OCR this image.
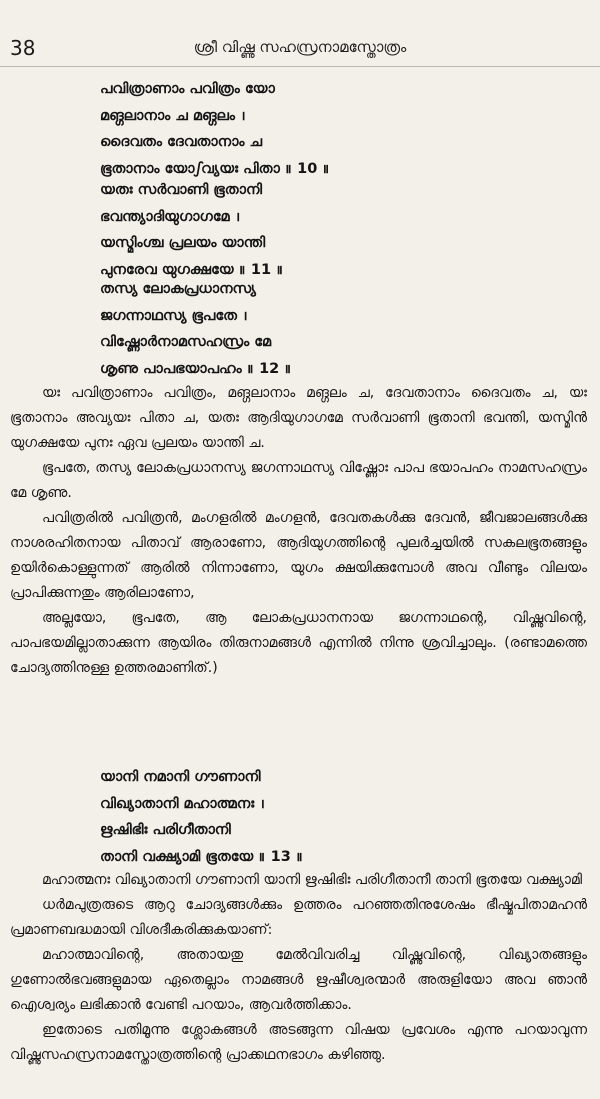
38	ശ്രീ വിഷ്ണു സഹസ്രനാമസ്തോത്രം
പവിത്രാണാം പവിത്രം യോ
മങ്ഗലാനാം ച മങ്ഗലം ।
ദൈവതം ദേവതാനാം ച
ഭൂതാനാം യോഽവ്യയഃ പിതാ ॥ 10 ॥
യതഃ സർവാണി ഭൂതാനി
ഭവന്ത്യാദിയുഗാഗമേ ।
യസ്മിംശ്ച പ്രലയം യാന്തി
പുനരേവ യുഗക്ഷയേ ॥ 11 ॥
തസ്യ ലോകപ്രധാനസ്യ
ജഗന്നാഥസ്യ ഭൂപതേ ।
വിഷ്ണോർനാമസഹസ്രം മേ
ശൃണു പാപഭയാപഹം ॥ 12 ॥

യഃ പവിത്രാണാം പവിത്രം, മങ്ഗലാനാം മങ്ഗലം ച, ദേവതാനാം ദൈവതം ച, യഃ ഭൂതാനാം അവ്യയഃ പിതാ ച, യതഃ ആദിയുഗാഗമേ സർവാണി ഭൂതാനി ഭവന്തി, യസ്മിൻ യുഗക്ഷയേ പുനഃ ഏവ പ്രലയം യാന്തി ച.

ഭൂപതേ, തസ്യ ലോകപ്രധാനസ്യ ജഗന്നാഥസ്യ വിഷ്ണോഃ പാപ ഭയാപഹം നാമസഹസ്രം മേ ശൃണു.

പവിത്രരിൽ പവിത്രൻ, മംഗളരിൽ മംഗളൻ, ദേവതകൾക്കു ദേവൻ, ജീവജാലങ്ങൾക്കു നാശരഹിതനായ പിതാവ് ആരാണോ, ആദിയുഗത്തിന്റെ പുലർച്ചയിൽ സകലഭൂതങ്ങളും ഉയിർകൊള്ളുന്നത് ആരിൽ നിന്നാണോ, യുഗം ക്ഷയിക്കുമ്പോൾ അവ വീണ്ടും വിലയം പ്രാപിക്കുന്നതും ആരിലാണോ,

അല്ലയോ, ഭൂപതേ, ആ ലോകപ്രധാനനായ ജഗന്നാഥന്റെ, വിഷ്ണുവിന്റെ, പാപഭയമില്ലാതാക്കുന്ന ആയിരം തിരുനാമങ്ങൾ എന്നിൽ നിന്നു ശ്രവിച്ചാലും. (രണ്ടാമത്തെ ചോദ്യത്തിനുള്ള ഉത്തരമാണിത്.)

യാനി നമാനി ഗൗണാനി
വിഖ്യാതാനി മഹാത്മനഃ ।
ഋഷിഭിഃ പരിഗീതാനി
താനി വക്ഷ്യാമി ഭൂതയേ ॥ 13 ॥

മഹാത്മനഃ വിഖ്യാതാനി ഗൗണാനി യാനി ഋഷിഭിഃ പരിഗീതാനീ താനി ഭൂതയേ വക്ഷ്യാമി

ധർമപുത്രരുടെ ആറു ചോദ്യങ്ങൾക്കും ഉത്തരം പറഞ്ഞതിനുശേഷം ഭീഷ്മപിതാമഹൻ പ്രമാണബദ്ധമായി വിശദീകരിക്കുകയാണ്:

മഹാത്മാവിന്റെ, അതായതു മേൽവിവരിച്ച വിഷ്ണുവിന്റെ, വിഖ്യാതങ്ങളും ഗുണോൽഭവങ്ങളുമായ ഏതെല്ലാം നാമങ്ങൾ ഋഷീശ്വരന്മാർ അരുളിയോ അവ ഞാൻ ഐശ്വര്യം ലഭിക്കാൻ വേണ്ടി പറയാം, ആവർത്തിക്കാം.

ഇതോടെ പതിമൂന്നു ശ്ലോകങ്ങൾ അടങ്ങുന്ന വിഷയ പ്രവേശം എന്നു പറയാവുന്ന വിഷ്ണുസഹസ്രനാമസ്തോത്രത്തിന്റെ പ്രാക്കഥനഭാഗം കഴിഞ്ഞു.
